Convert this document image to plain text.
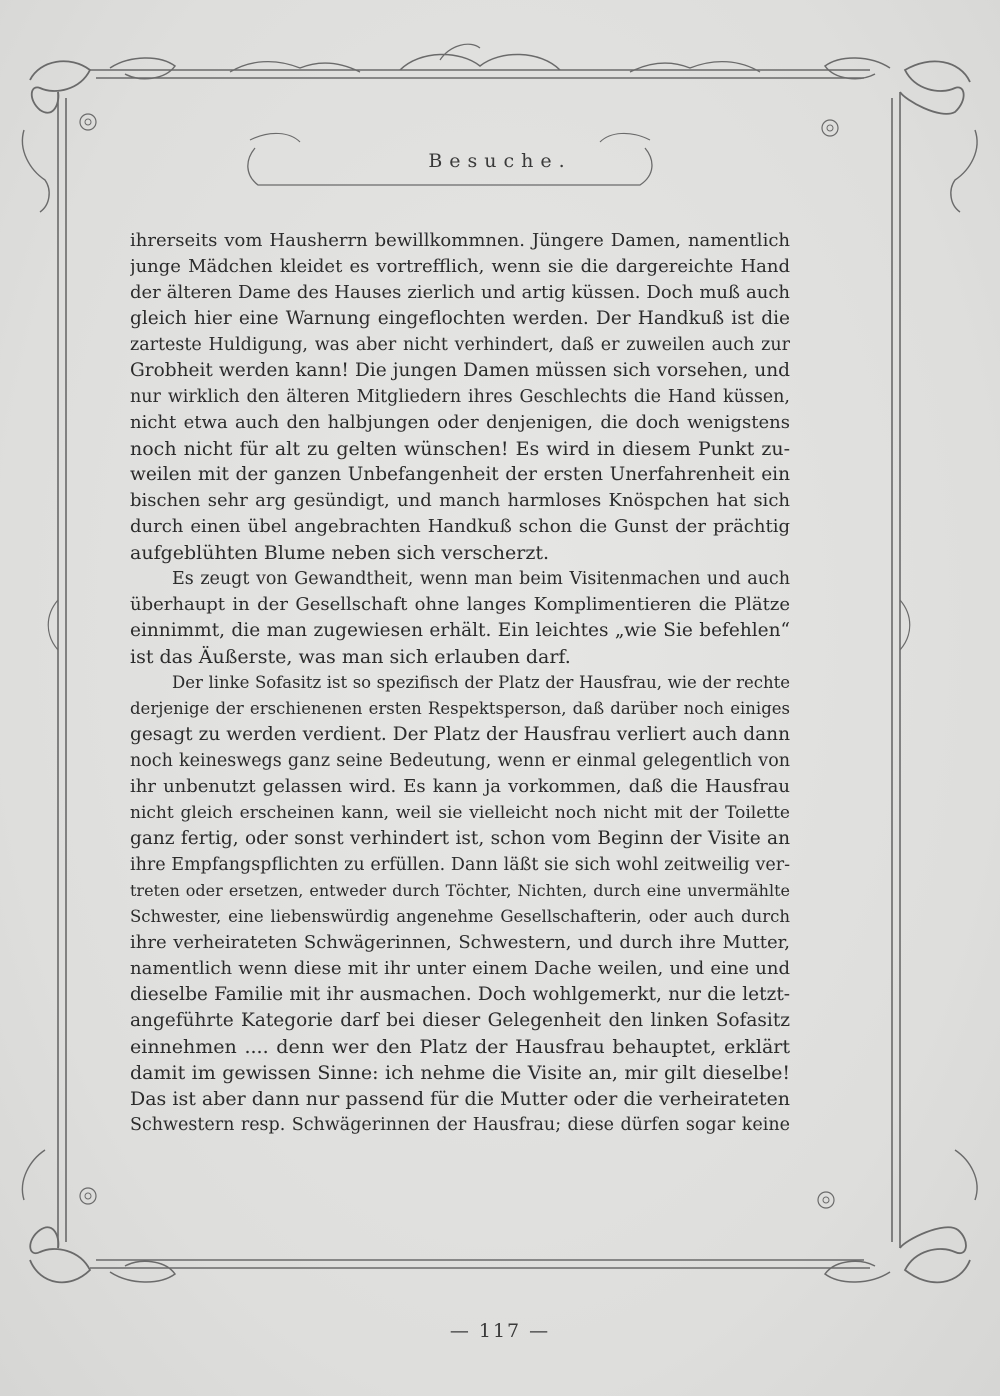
Besuche.
ihrerseits vom Hausherrn bewillkommnen. Jüngere Damen, namentlich
junge Mädchen kleidet es vortrefflich, wenn sie die dargereichte Hand
der älteren Dame des Hauses zierlich und artig küssen. Doch muß auch
gleich hier eine Warnung eingeflochten werden. Der Handkuß ist die
zarteste Huldigung, was aber nicht verhindert, daß er zuweilen auch zur
Grobheit werden kann! Die jungen Damen müssen sich vorsehen, und
nur wirklich den älteren Mitgliedern ihres Geschlechts die Hand küssen,
nicht etwa auch den halbjungen oder denjenigen, die doch wenigstens
noch nicht für alt zu gelten wünschen! Es wird in diesem Punkt zu-
weilen mit der ganzen Unbefangenheit der ersten Unerfahrenheit ein
bischen sehr arg gesündigt, und manch harmloses Knöspchen hat sich
durch einen übel angebrachten Handkuß schon die Gunst der prächtig
aufgeblühten Blume neben sich verscherzt.
Es zeugt von Gewandtheit, wenn man beim Visitenmachen und auch
überhaupt in der Gesellschaft ohne langes Komplimentieren die Plätze
einnimmt, die man zugewiesen erhält. Ein leichtes „wie Sie befehlen“
ist das Äußerste, was man sich erlauben darf.
Der linke Sofasitz ist so spezifisch der Platz der Hausfrau, wie der rechte
derjenige der erschienenen ersten Respektsperson, daß darüber noch einiges
gesagt zu werden verdient. Der Platz der Hausfrau verliert auch dann
noch keineswegs ganz seine Bedeutung, wenn er einmal gelegentlich von
ihr unbenutzt gelassen wird. Es kann ja vorkommen, daß die Hausfrau
nicht gleich erscheinen kann, weil sie vielleicht noch nicht mit der Toilette
ganz fertig, oder sonst verhindert ist, schon vom Beginn der Visite an
ihre Empfangspflichten zu erfüllen. Dann läßt sie sich wohl zeitweilig ver-
treten oder ersetzen, entweder durch Töchter, Nichten, durch eine unvermählte
Schwester, eine liebenswürdig angenehme Gesellschafterin, oder auch durch
ihre verheirateten Schwägerinnen, Schwestern, und durch ihre Mutter,
namentlich wenn diese mit ihr unter einem Dache weilen, und eine und
dieselbe Familie mit ihr ausmachen. Doch wohlgemerkt, nur die letzt-
angeführte Kategorie darf bei dieser Gelegenheit den linken Sofasitz
einnehmen .... denn wer den Platz der Hausfrau behauptet, erklärt
damit im gewissen Sinne: ich nehme die Visite an, mir gilt dieselbe!
Das ist aber dann nur passend für die Mutter oder die verheirateten
Schwestern resp. Schwägerinnen der Hausfrau; diese dürfen sogar keine
— 117 —
